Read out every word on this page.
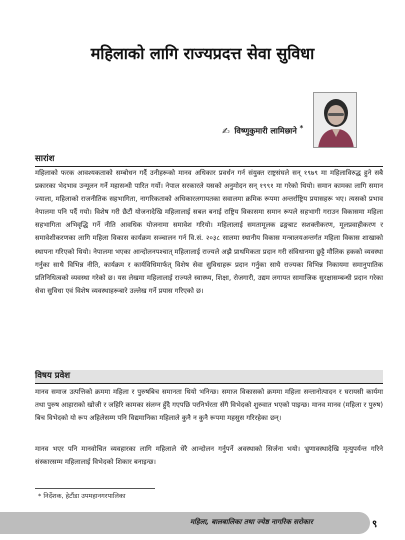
महिलाको लागि राज्यप्रदत्त सेवा सुविधा
✍ विष्णुकुमारी लामिछाने *
सारांश
महिलाको फरक आवश्यकताको सम्बोधन गर्दै उनीहरूको मानव अधिकार प्रवर्धन गर्न संयुक्त राष्ट्रसंघले सन् १९७९ मा महिलाविरुद्ध हुने सबै प्रकारका भेदभाव उन्मूलन गर्ने महासन्धी पारित गर्यो। नेपाल सरकारले यसको अनुमोदन सन् १९९१ मा गरेको थियो। समान कामका लागि समान ज्याला, महिलाको राजनीतिक सहभागिता, नागरिकताको अधिकारलगायतका सवालमा क्रमिक रूपमा अन्तर्राष्ट्रिय प्रयासहरू भए। त्यसको प्रभाव नेपालमा पनि पर्दै गयो। विशेष गरी छैटौं योजनादेखि महिलालाई सबल बनाई राष्ट्रिय विकासमा समान रूपले सहभागी गराउन विकासमा महिला सहभागिता अभिवृद्धि गर्ने नीति आवधिक योजनामा समावेश गरियो। महिलालाई समतामूलक ढङ्गबाट सशक्तीकरण, मूलप्रवाहीकरण र समावेशीकरणका लागि महिला विकास कार्यक्रम सञ्चालन गर्न वि.सं. २०३८ सालमा स्थानीय विकास मन्त्रालयअन्तर्गत महिला विकास शाखाको स्थापना गरिएको थियो। नेपालमा भएका आन्दोलनपश्चात् महिलालाई राज्यले अझै प्राथमिकता प्रदान गरी संविधानमा छुट्टै मौलिक हकको व्यवस्था गर्नुका साथै विभिन्न नीति, कार्यक्रम र कार्यविधिमार्फत् विशेष सेवा सुविधाहरू प्रदान गर्नुका साथै राज्यका विभिन्न निकायमा समानुपातिक प्रतिनिधित्वको व्यवस्था गरेको छ। यस लेखमा महिलालाई राज्यले स्वास्थ्य, शिक्षा, रोजगारी, उद्यम लगायत सामाजिक सुरक्षासम्बन्धी प्रदान गरेका सेवा सुविधा एवं विशेष व्यवस्थाहरूबारे उल्लेख गर्ने प्रयास गरिएको छ।
विषय प्रवेश
मानव समाज उत्पत्तिको क्रममा महिला र पुरुषबिच समानता थियो भनिन्छ। समाज विकासको क्रममा महिला सन्तानोत्पादन र घरायसी कार्यमा तथा पुरुष आहाराको खोजी र जहिरि कामका संलग्न हुँदै गएपछि परनिर्भरता सँगै विभेदको शुरुवात भएको पाइन्छ। मानव मानव (महिला र पुरुष) बिच विभेदको यो रूप अहिलेसम्म पनि विद्यमानिका महिलाले कुनै न कुनै रूपमा महसुस गरिरहेका छन्।
मानव भएर पनि मानवोचित व्यवहारका लागि महिलाले धेरै आन्दोलन गर्नुपर्ने अवस्थाको सिर्जना भयो। भ्रुणावस्थादेखि मृत्युपर्यन्त गरिने संस्कारसम्म महिलालाई विभेदको शिकार बनाइन्छ।
* निर्देशक, हेटौंडा उपमहानगरपालिका
महिला, बालबालिका तथा ज्येष्ठ नागरिक सरोकार	९
